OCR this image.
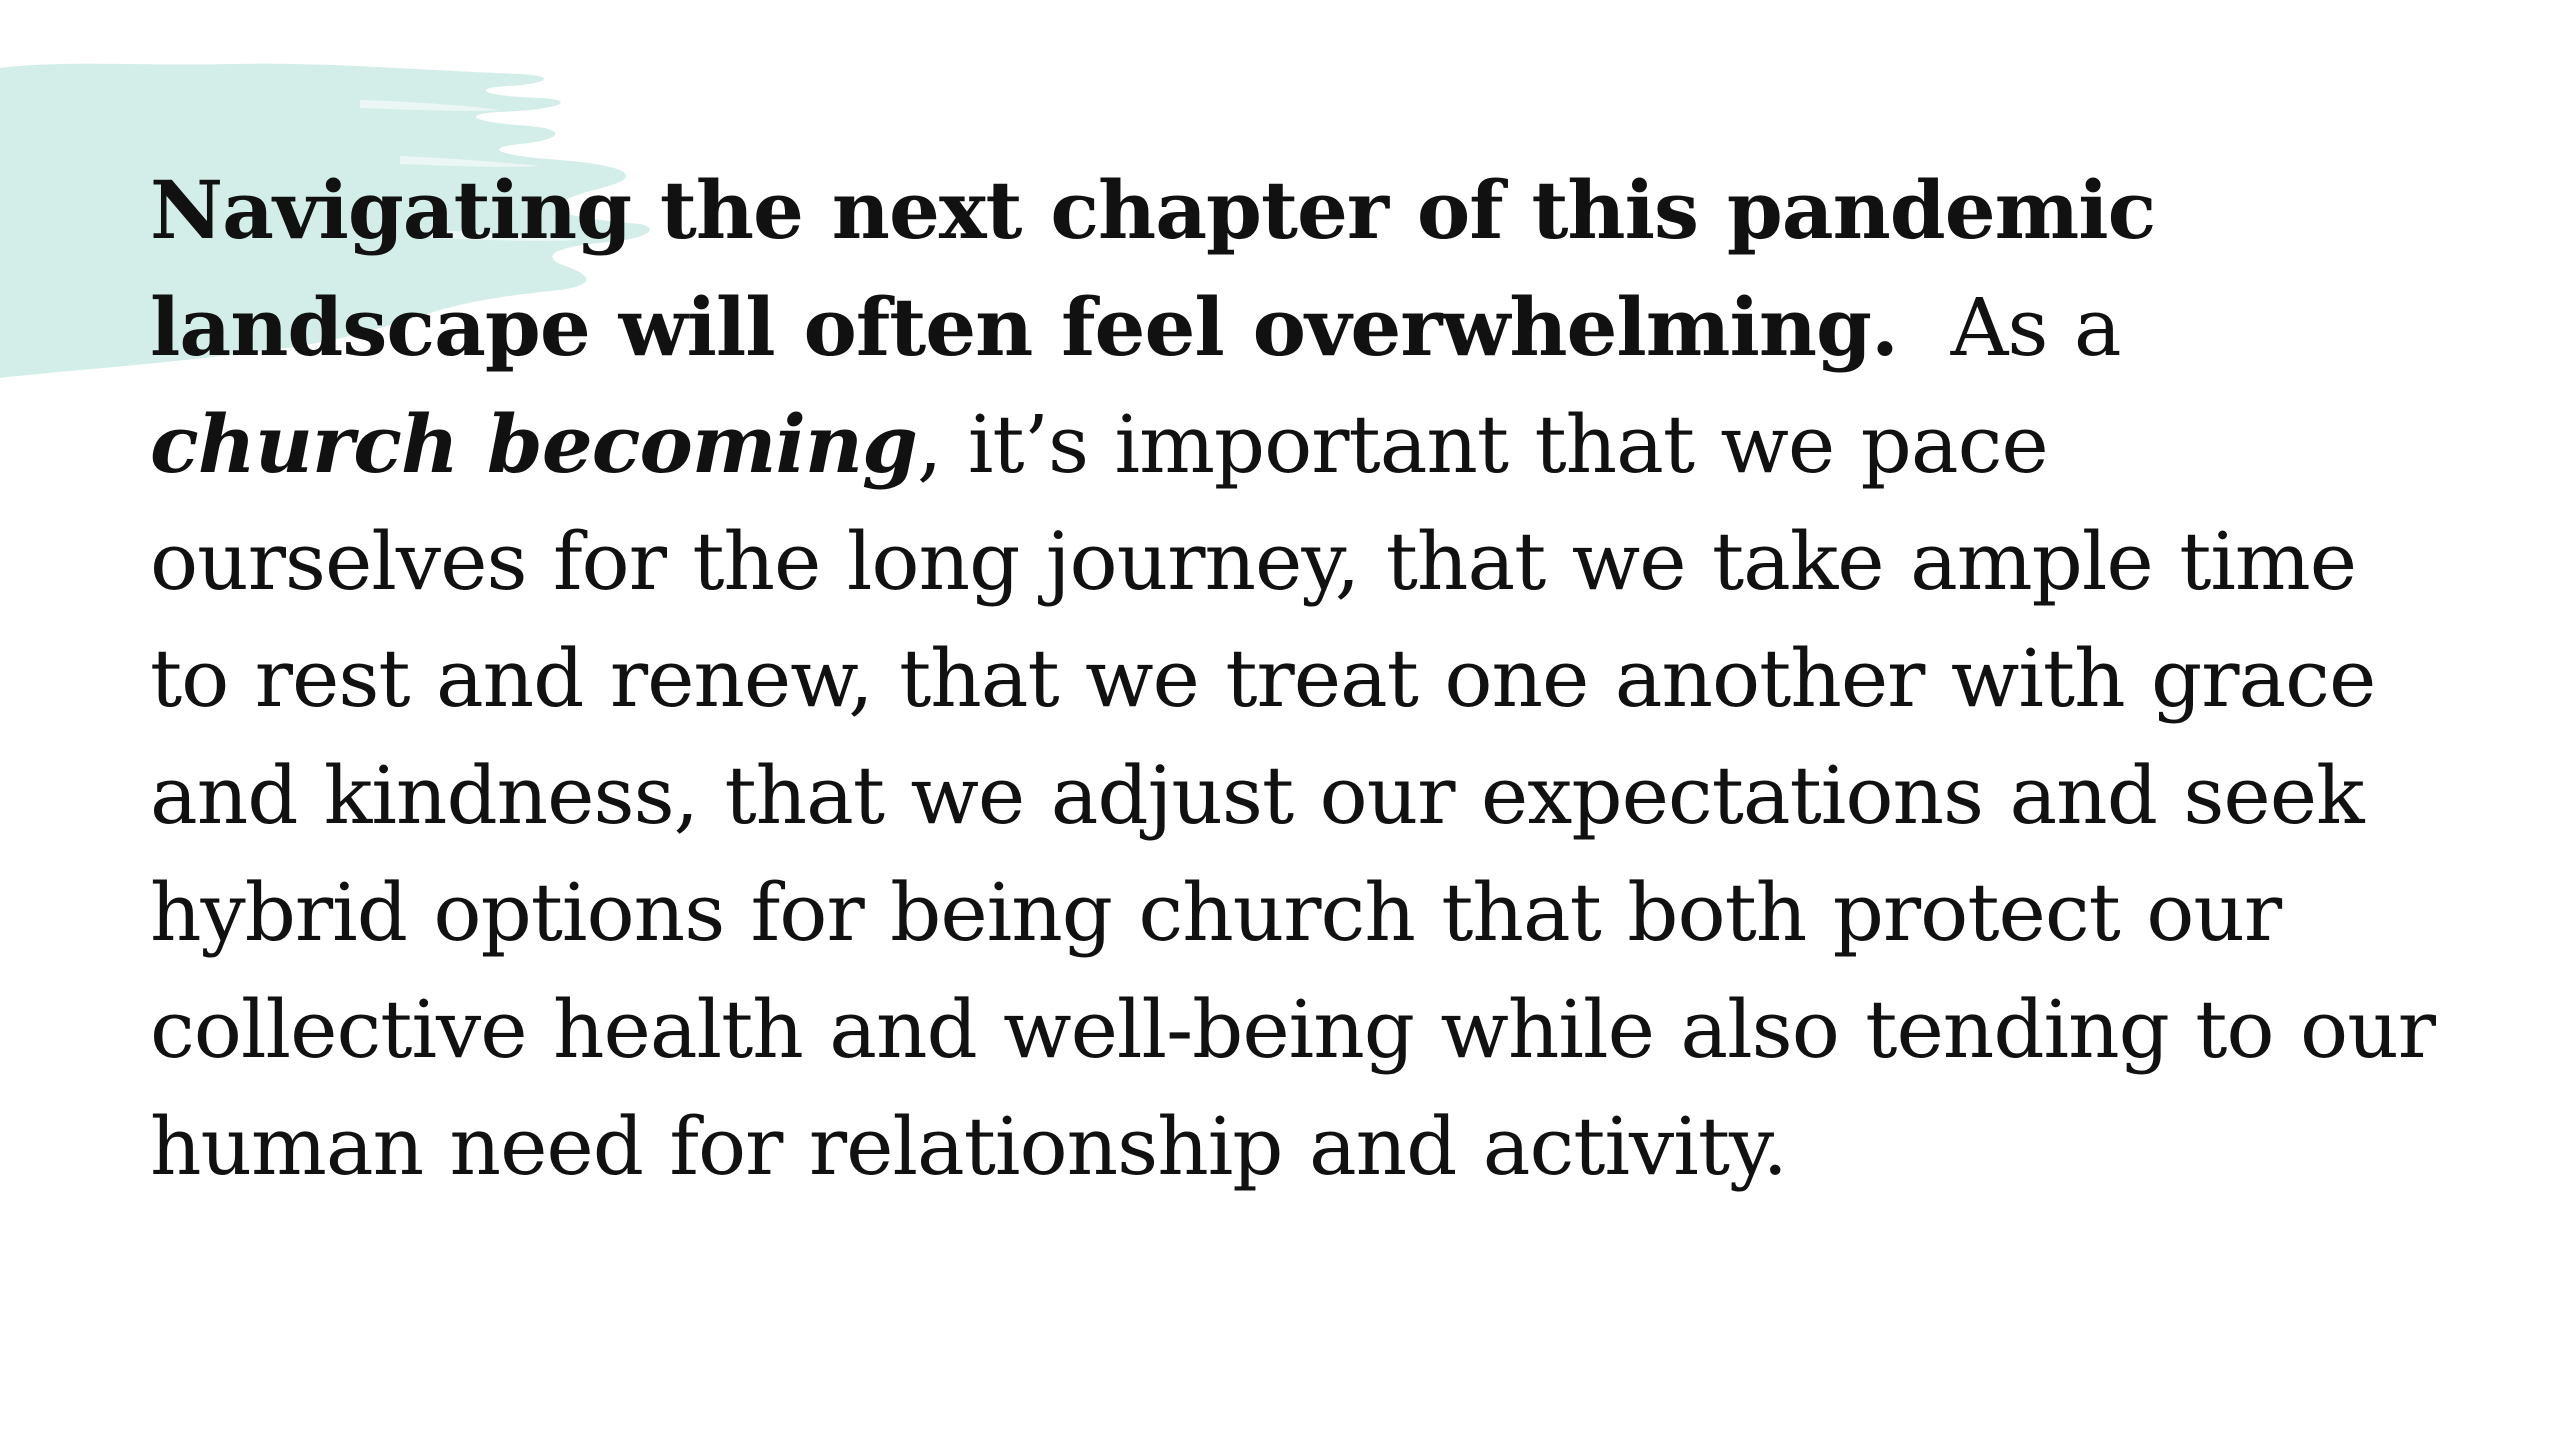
Navigating the next chapter of this pandemic landscape will often feel overwhelming.  As a church becoming, it’s important that we pace ourselves for the long journey, that we take ample time to rest and renew, that we treat one another with grace and kindness, that we adjust our expectations and seek hybrid options for being church that both protect our collective health and well-being while also tending to our human need for relationship and activity.
